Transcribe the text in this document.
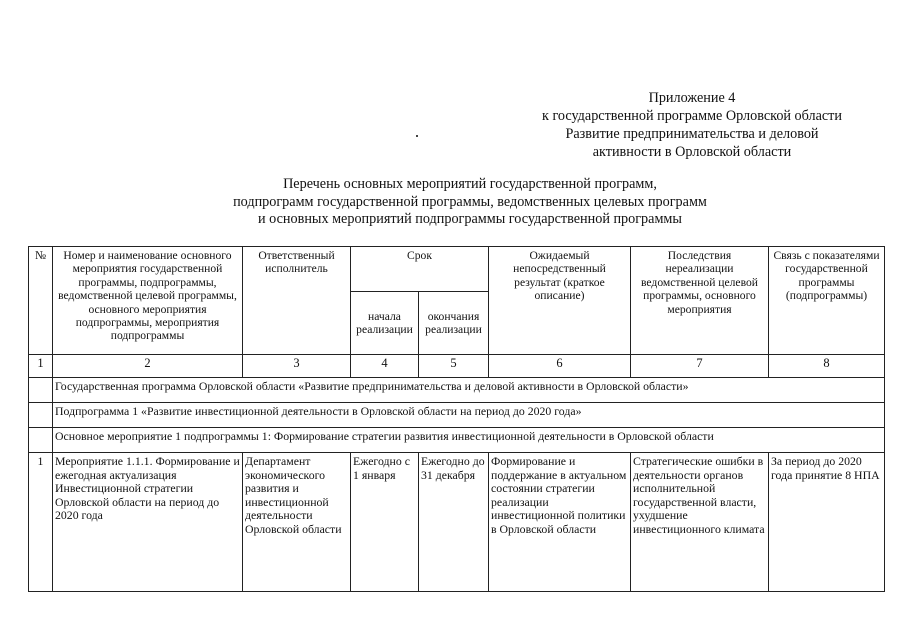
Приложение 4
к государственной программе Орловской области
Развитие предпринимательства и деловой
активности в Орловской области
Перечень основных мероприятий государственной программ,
подпрограмм государственной программы, ведомственных целевых программ
и основных мероприятий подпрограммы государственной программы
№	Номер и наименование основного мероприятия государственной программы, подпрограммы, ведомственной целевой программы, основного мероприятия подпрограммы, мероприятия подпрограммы	Ответственный исполнитель	Срок		Ожидаемый непосредственный результат (краткое описание)	Последствия нереализации ведомственной целевой программы, основного мероприятия	Связь с показателями государственной программы (подпрограммы)
			начала реализации	окончания реализации			
1	2	3	4	5	6	7	8
	Государственная программа Орловской области «Развитие предпринимательства и деловой активности в Орловской области»						
	Подпрограмма 1 «Развитие инвестиционной деятельности в Орловской области на период до 2020 года»						
	Основное мероприятие 1 подпрограммы 1: Формирование стратегии развития инвестиционной деятельности в Орловской области						
1	Мероприятие 1.1.1. Формирование и ежегодная актуализация Инвестиционной стратегии Орловской области на период до 2020 года	Департамент экономического развития и инвестиционной деятельности Орловской области	Ежегодно с 1 января	Ежегодно до 31 декабря	Формирование и поддержание в актуальном состоянии стратегии реализации инвестиционной политики в Орловской области	Стратегические ошибки в деятельности органов исполнительной государственной власти, ухудшение инвестиционного климата	За период до 2020 года принятие 8 НПА
